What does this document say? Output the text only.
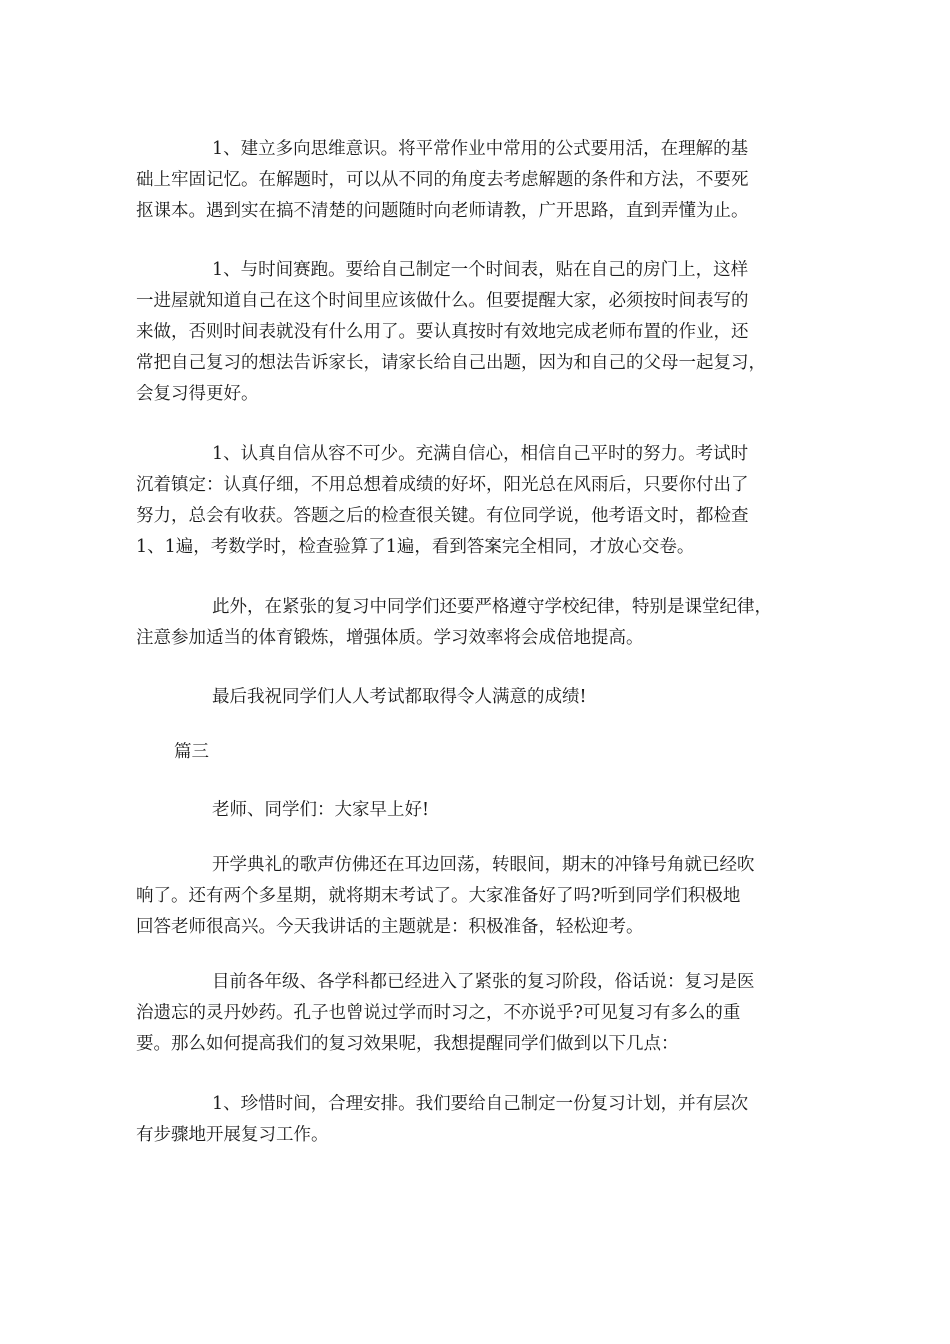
1、建立多向思维意识。将平常作业中常用的公式要用活，在理解的基
础上牢固记忆。在解题时，可以从不同的角度去考虑解题的条件和方法，不要死
抠课本。遇到实在搞不清楚的问题随时向老师请教，广开思路，直到弄懂为止。
1、与时间赛跑。要给自己制定一个时间表，贴在自己的房门上，这样
一进屋就知道自己在这个时间里应该做什么。但要提醒大家，必须按时间表写的
来做，否则时间表就没有什么用了。要认真按时有效地完成老师布置的作业，还
常把自己复习的想法告诉家长，请家长给自己出题，因为和自己的父母一起复习，
会复习得更好。
1、认真自信从容不可少。充满自信心，相信自己平时的努力。考试时
沉着镇定：认真仔细，不用总想着成绩的好坏，阳光总在风雨后，只要你付出了
努力，总会有收获。答题之后的检查很关键。有位同学说，他考语文时，都检查
1、1遍，考数学时，检查验算了1遍，看到答案完全相同，才放心交卷。
此外，在紧张的复习中同学们还要严格遵守学校纪律，特别是课堂纪律，
注意参加适当的体育锻炼，增强体质。学习效率将会成倍地提高。
最后我祝同学们人人考试都取得令人满意的成绩!
篇三
老师、同学们：大家早上好!
开学典礼的歌声仿佛还在耳边回荡，转眼间，期末的冲锋号角就已经吹
响了。还有两个多星期，就将期末考试了。大家准备好了吗?听到同学们积极地
回答老师很高兴。今天我讲话的主题就是：积极准备，轻松迎考。
目前各年级、各学科都已经进入了紧张的复习阶段，俗话说：复习是医
治遗忘的灵丹妙药。孔子也曾说过学而时习之，不亦说乎?可见复习有多么的重
要。那么如何提高我们的复习效果呢，我想提醒同学们做到以下几点：
1、珍惜时间，合理安排。我们要给自己制定一份复习计划，并有层次
有步骤地开展复习工作。
